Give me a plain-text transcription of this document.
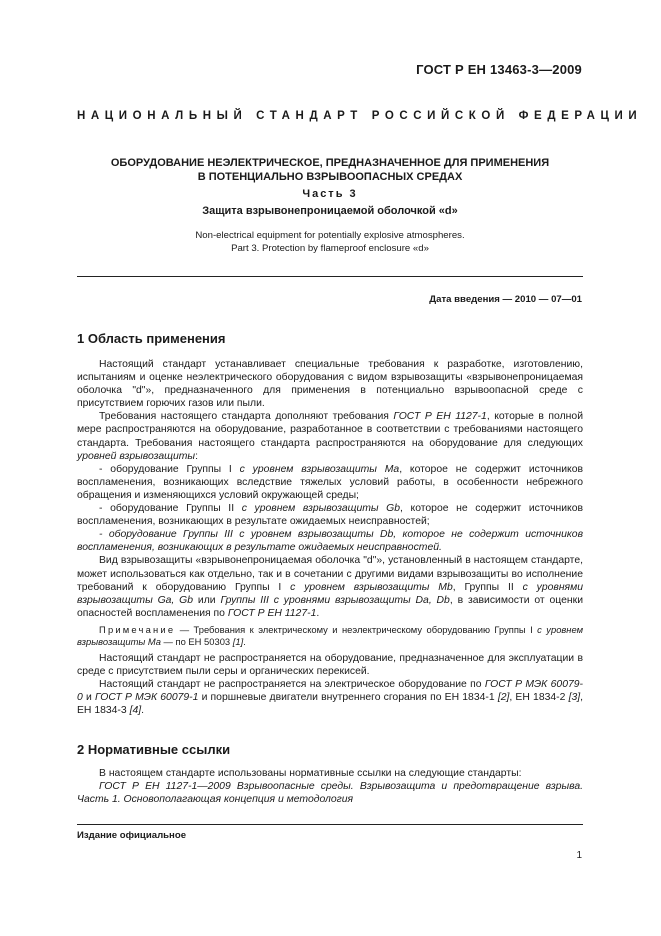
ГОСТ Р ЕН 13463-3—2009
НАЦИОНАЛЬНЫЙ СТАНДАРТ РОССИЙСКОЙ ФЕДЕРАЦИИ
ОБОРУДОВАНИЕ НЕЭЛЕКТРИЧЕСКОЕ, ПРЕДНАЗНАЧЕННОЕ ДЛЯ ПРИМЕНЕНИЯ
В ПОТЕНЦИАЛЬНО ВЗРЫВООПАСНЫХ СРЕДАХ
Часть 3
Защита взрывонепроницаемой оболочкой «d»
Non-electrical equipment for potentially explosive atmospheres.
Part 3. Protection by flameproof enclosure «d»
Дата введения — 2010 — 07—01
1 Область применения

Настоящий стандарт устанавливает специальные требования к разработке, изготовлению, испытаниям и оценке неэлектрического оборудования с видом взрывозащиты «взрывонепроницаемая оболочка "d"», предназначенного для применения в потенциально взрывоопасной среде с присутствием горючих газов или пыли.

Требования настоящего стандарта дополняют требования ГОСТ Р ЕН 1127-1, которые в полной мере распространяются на оборудование, разработанное в соответствии с требованиями настоящего стандарта. Требования настоящего стандарта распространяются на оборудование для следующих уровней взрывозащиты:

- оборудование Группы I с уровнем взрывозащиты Ma, которое не содержит источников воспламенения, возникающих вследствие тяжелых условий работы, в особенности небрежного обращения и изменяющихся условий окружающей среды;

- оборудование Группы II с уровнем взрывозащиты Gb, которое не содержит источников воспламенения, возникающих в результате ожидаемых неисправностей;

- оборудование Группы III с уровнем взрывозащиты Db, которое не содержит источников воспламенения, возникающих в результате ожидаемых неисправностей.

Вид взрывозащиты «взрывонепроницаемая оболочка "d"», установленный в настоящем стандарте, может использоваться как отдельно, так и в сочетании с другими видами взрывозащиты во исполнение требований к оборудованию Группы I с уровнем взрывозащиты Mb, Группы II с уровнями взрывозащиты Ga, Gb или Группы III с уровнями взрывозащиты Da, Db, в зависимости от оценки опасностей воспламенения по ГОСТ Р ЕН 1127-1.

Примечание — Требования к электрическому и неэлектрическому оборудованию Группы I с уровнем взрывозащиты Ma — по ЕН 50303 [1].

Настоящий стандарт не распространяется на оборудование, предназначенное для эксплуатации в среде с присутствием пыли серы и органических перекисей.

Настоящий стандарт не распространяется на электрическое оборудование по ГОСТ Р МЭК 60079-0 и ГОСТ Р МЭК 60079-1 и поршневые двигатели внутреннего сгорания по ЕН 1834-1 [2], ЕН 1834-2 [3], ЕН 1834-3 [4].

2 Нормативные ссылки

В настоящем стандарте использованы нормативные ссылки на следующие стандарты:

ГОСТ Р ЕН 1127-1—2009 Взрывоопасные среды. Взрывозащита и предотвращение взрыва. Часть 1. Основополагающая концепция и методология

Издание официальное
1
